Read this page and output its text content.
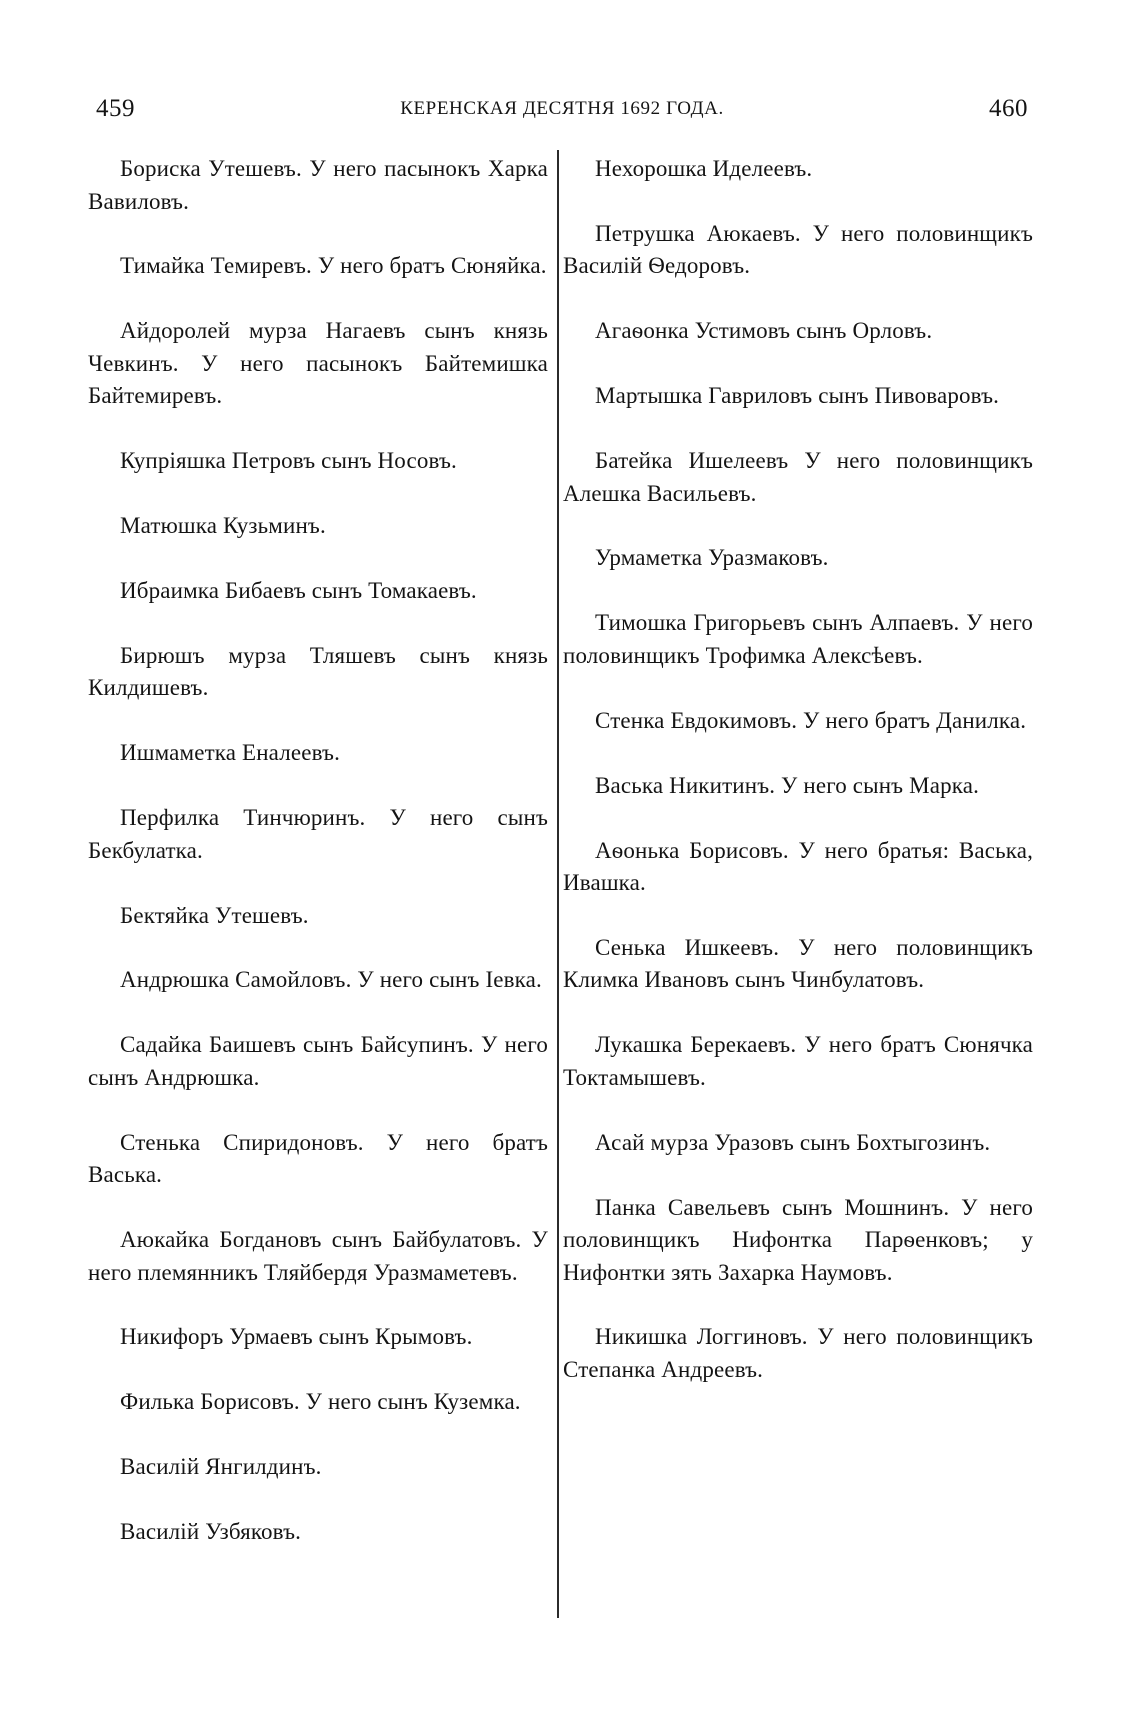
459	КЕРЕНСКАЯ ДЕСЯТНЯ 1692 ГОДА.	460

Бориска Утешевъ. У него пасынокъ Харка Вавиловъ.

Тимайка Темиревъ. У него братъ Сюняйка.

Айдоролей мурза Нагаевъ сынъ князь Чевкинъ. У него пасынокъ Байтемишка Байтемиревъ.

Купріяшка Петровъ сынъ Носовъ.

Матюшка Кузьминъ.

Ибраимка Бибаевъ сынъ Томакаевъ.

Бирюшъ мурза Тляшевъ сынъ князь Килдишевъ.

Ишмаметка Еналеевъ.

Перфилка Тинчюринъ. У него сынъ Бекбулатка.

Бектяйка Утешевъ.

Андрюшка Самойловъ. У него сынъ Іевка.

Садайка Баишевъ сынъ Байсупинъ. У него сынъ Андрюшка.

Стенька Спиридоновъ. У него братъ Васька.

Аюкайка Богдановъ сынъ Байбулатовъ. У него племянникъ Тляйбердя Уразмаметевъ.

Никифоръ Урмаевъ сынъ Крымовъ.

Филька Борисовъ. У него сынъ Куземка.

Василій Янгилдинъ.

Василій Узбяковъ.

Нехорошка Иделеевъ.

Петрушка Аюкаевъ. У него половинщикъ Василій Ѳедоровъ.

Агаѳонка Устимовъ сынъ Орловъ.

Мартышка Гавриловъ сынъ Пивоваровъ.

Батейка Ишелеевъ У него половинщикъ Алешка Васильевъ.

Урмаметка Уразмаковъ.

Тимошка Григорьевъ сынъ Алпаевъ. У него половинщикъ Трофимка Алексѣевъ.

Стенка Евдокимовъ. У него братъ Данилка.

Васька Никитинъ. У него сынъ Марка.

Аѳонька Борисовъ. У него братья: Васька, Ивашка.

Сенька Ишкеевъ. У него половинщикъ Климка Ивановъ сынъ Чинбулатовъ.

Лукашка Берекаевъ. У него братъ Сюнячка Токтамышевъ.

Асай мурза Уразовъ сынъ Бохтыгозинъ.

Панка Савельевъ сынъ Мошнинъ. У него половинщикъ Нифонтка Парѳенковъ; у Нифонтки зять Захарка Наумовъ.

Никишка Логгиновъ. У него половинщикъ Степанка Андреевъ.
